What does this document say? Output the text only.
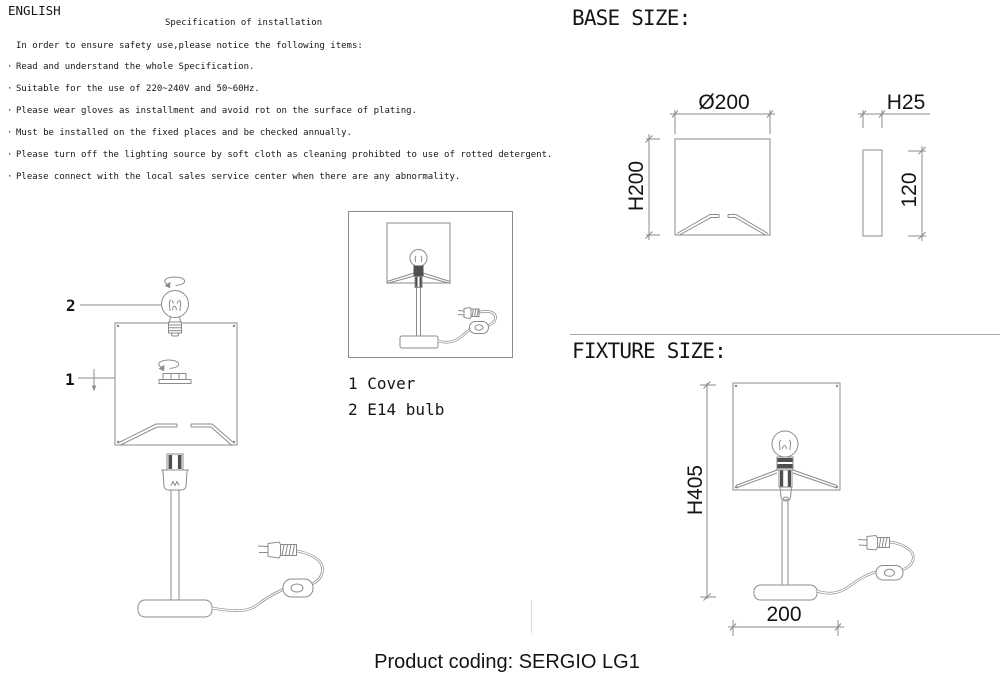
ENGLISH
Specification of installation
In order to ensure safety use,please notice the following items:
· Read and understand the whole Specification.
· Suitable for the use of 220~240V and 50~60Hz.
· Please wear gloves as installment and avoid rot on the surface of plating.
· Must be installed on the fixed places and be checked annually.
· Please turn off the lighting source by soft cloth as cleaning prohibted to use of rotted detergent.
· Please connect with the local sales service center when there are any abnormality.
BASE SIZE:
FIXTURE SIZE:
2
1	1 Cover
2 E14 bulb
Ø200
H200
H25
120
H405
200
Product coding: SERGIO LG1
